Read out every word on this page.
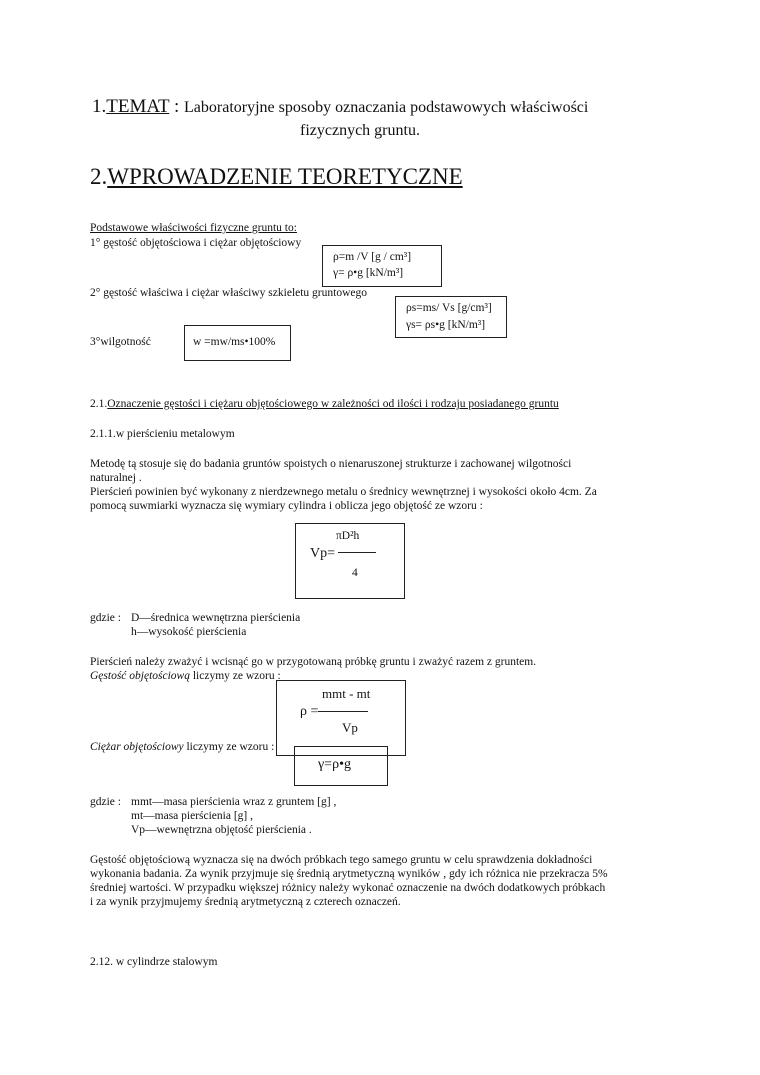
1.TEMAT : Laboratoryjne sposoby oznaczania podstawowych właściwości
fizycznych gruntu.
2.WPROWADZENIE TEORETYCZNE
Podstawowe właściwości fizyczne gruntu to:
1° gęstość objętościowa i ciężar objętościowy
ρ=m /V [g / cm³]
γ= ρ•g [kN/m³]
2° gęstość właściwa i ciężar właściwy szkieletu gruntowego
ρs=ms/ Vs [g/cm³]
γs= ρs•g [kN/m³]
3°wilgotność	w =mw/ms•100%
2.1.Oznaczenie gęstości i ciężaru objętościowego w zależności od ilości i rodzaju posiadanego gruntu
2.1.1.w pierścieniu metalowym
Metodę tą stosuje się do badania gruntów spoistych o nienaruszonej strukturze i zachowanej wilgotności
naturalnej .
Pierścień powinien być wykonany z nierdzewnego metalu o średnicy wewnętrznej i wysokości około 4cm. Za
pomocą suwmiarki wyznacza się wymiary cylindra i oblicza jego objętość ze wzoru :
Vp=
πD²h
4
gdzie : D—średnica wewnętrzna pierścienia
h—wysokość pierścienia
Pierścień należy zważyć i wcisnąć go w przygotowaną próbkę gruntu i zważyć razem z gruntem.
Gęstość objętościową liczymy ze wzoru :
ρ =
mmt - mt
Vp
Ciężar objętościowy liczymy ze wzoru :
γ=ρ•g
gdzie : mmt—masa pierścienia wraz z gruntem [g] ,
mt—masa pierścienia [g] ,
Vp—wewnętrzna objętość pierścienia .
Gęstość objętościową wyznacza się na dwóch próbkach tego samego gruntu w celu sprawdzenia dokładności
wykonania badania. Za wynik przyjmuje się średnią arytmetyczną wyników , gdy ich różnica nie przekracza 5%
średniej wartości. W przypadku większej różnicy należy wykonać oznaczenie na dwóch dodatkowych próbkach
i za wynik przyjmujemy średnią arytmetyczną z czterech oznaczeń.
2.12. w cylindrze stalowym
